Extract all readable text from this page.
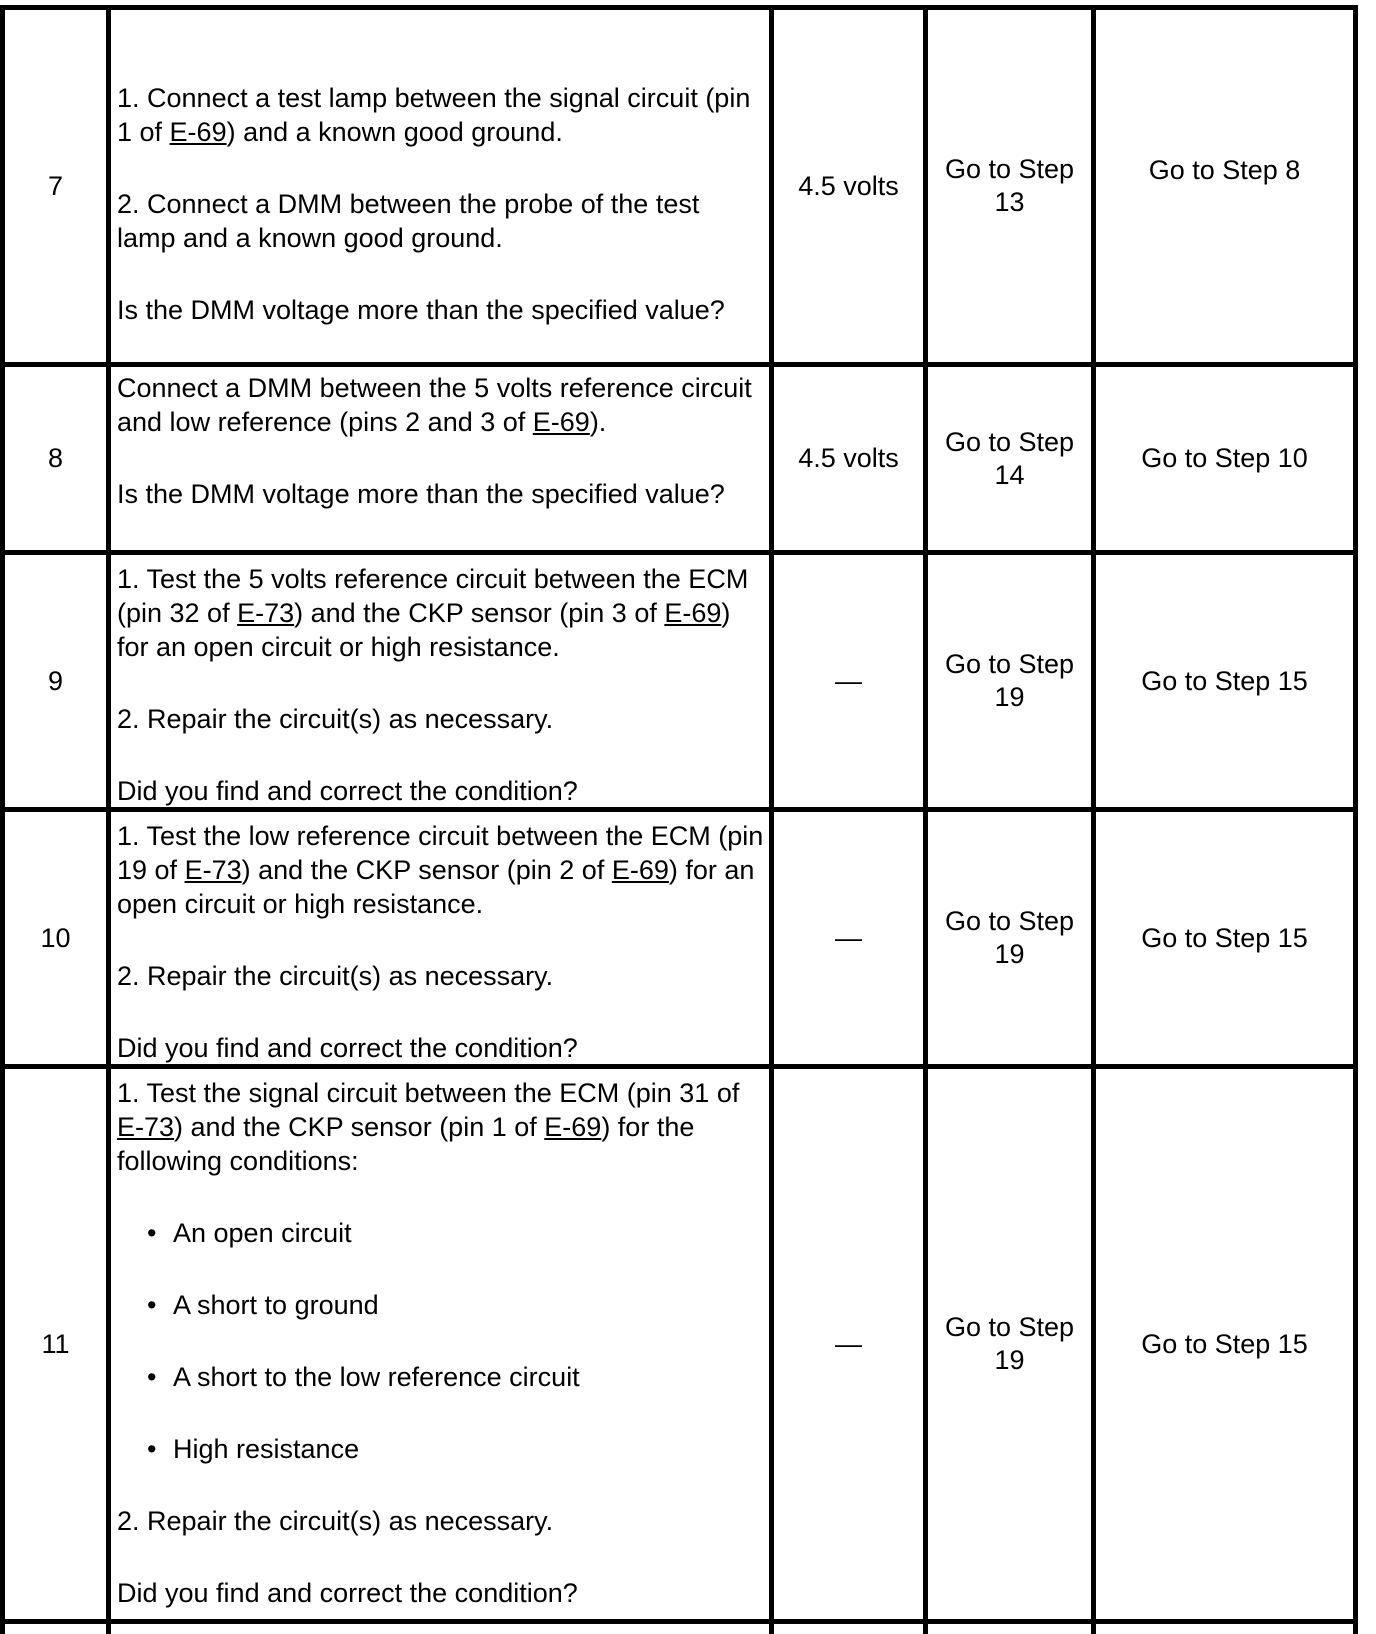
7
1. Connect a test lamp between the signal circuit (pin 1 of E-69) and a known good ground.
2. Connect a DMM between the probe of the test lamp and a known good ground.
Is the DMM voltage more than the specified value?
4.5 volts
Go to Step 13
Go to Step 8
8
Connect a DMM between the 5 volts reference circuit and low reference (pins 2 and 3 of E-69).
Is the DMM voltage more than the specified value?
4.5 volts
Go to Step 14
Go to Step 10
9
1. Test the 5 volts reference circuit between the ECM (pin 32 of E-73) and the CKP sensor (pin 3 of E-69) for an open circuit or high resistance.
2. Repair the circuit(s) as necessary.
Did you find and correct the condition?
—
Go to Step 19
Go to Step 15
10
1. Test the low reference circuit between the ECM (pin 19 of E-73) and the CKP sensor (pin 2 of E-69) for an open circuit or high resistance.
2. Repair the circuit(s) as necessary.
Did you find and correct the condition?
—
Go to Step 19
Go to Step 15
11
1. Test the signal circuit between the ECM (pin 31 of E-73) and the CKP sensor (pin 1 of E-69) for the following conditions:
• An open circuit
• A short to ground
• A short to the low reference circuit
• High resistance
2. Repair the circuit(s) as necessary.
Did you find and correct the condition?
—
Go to Step 19
Go to Step 15
